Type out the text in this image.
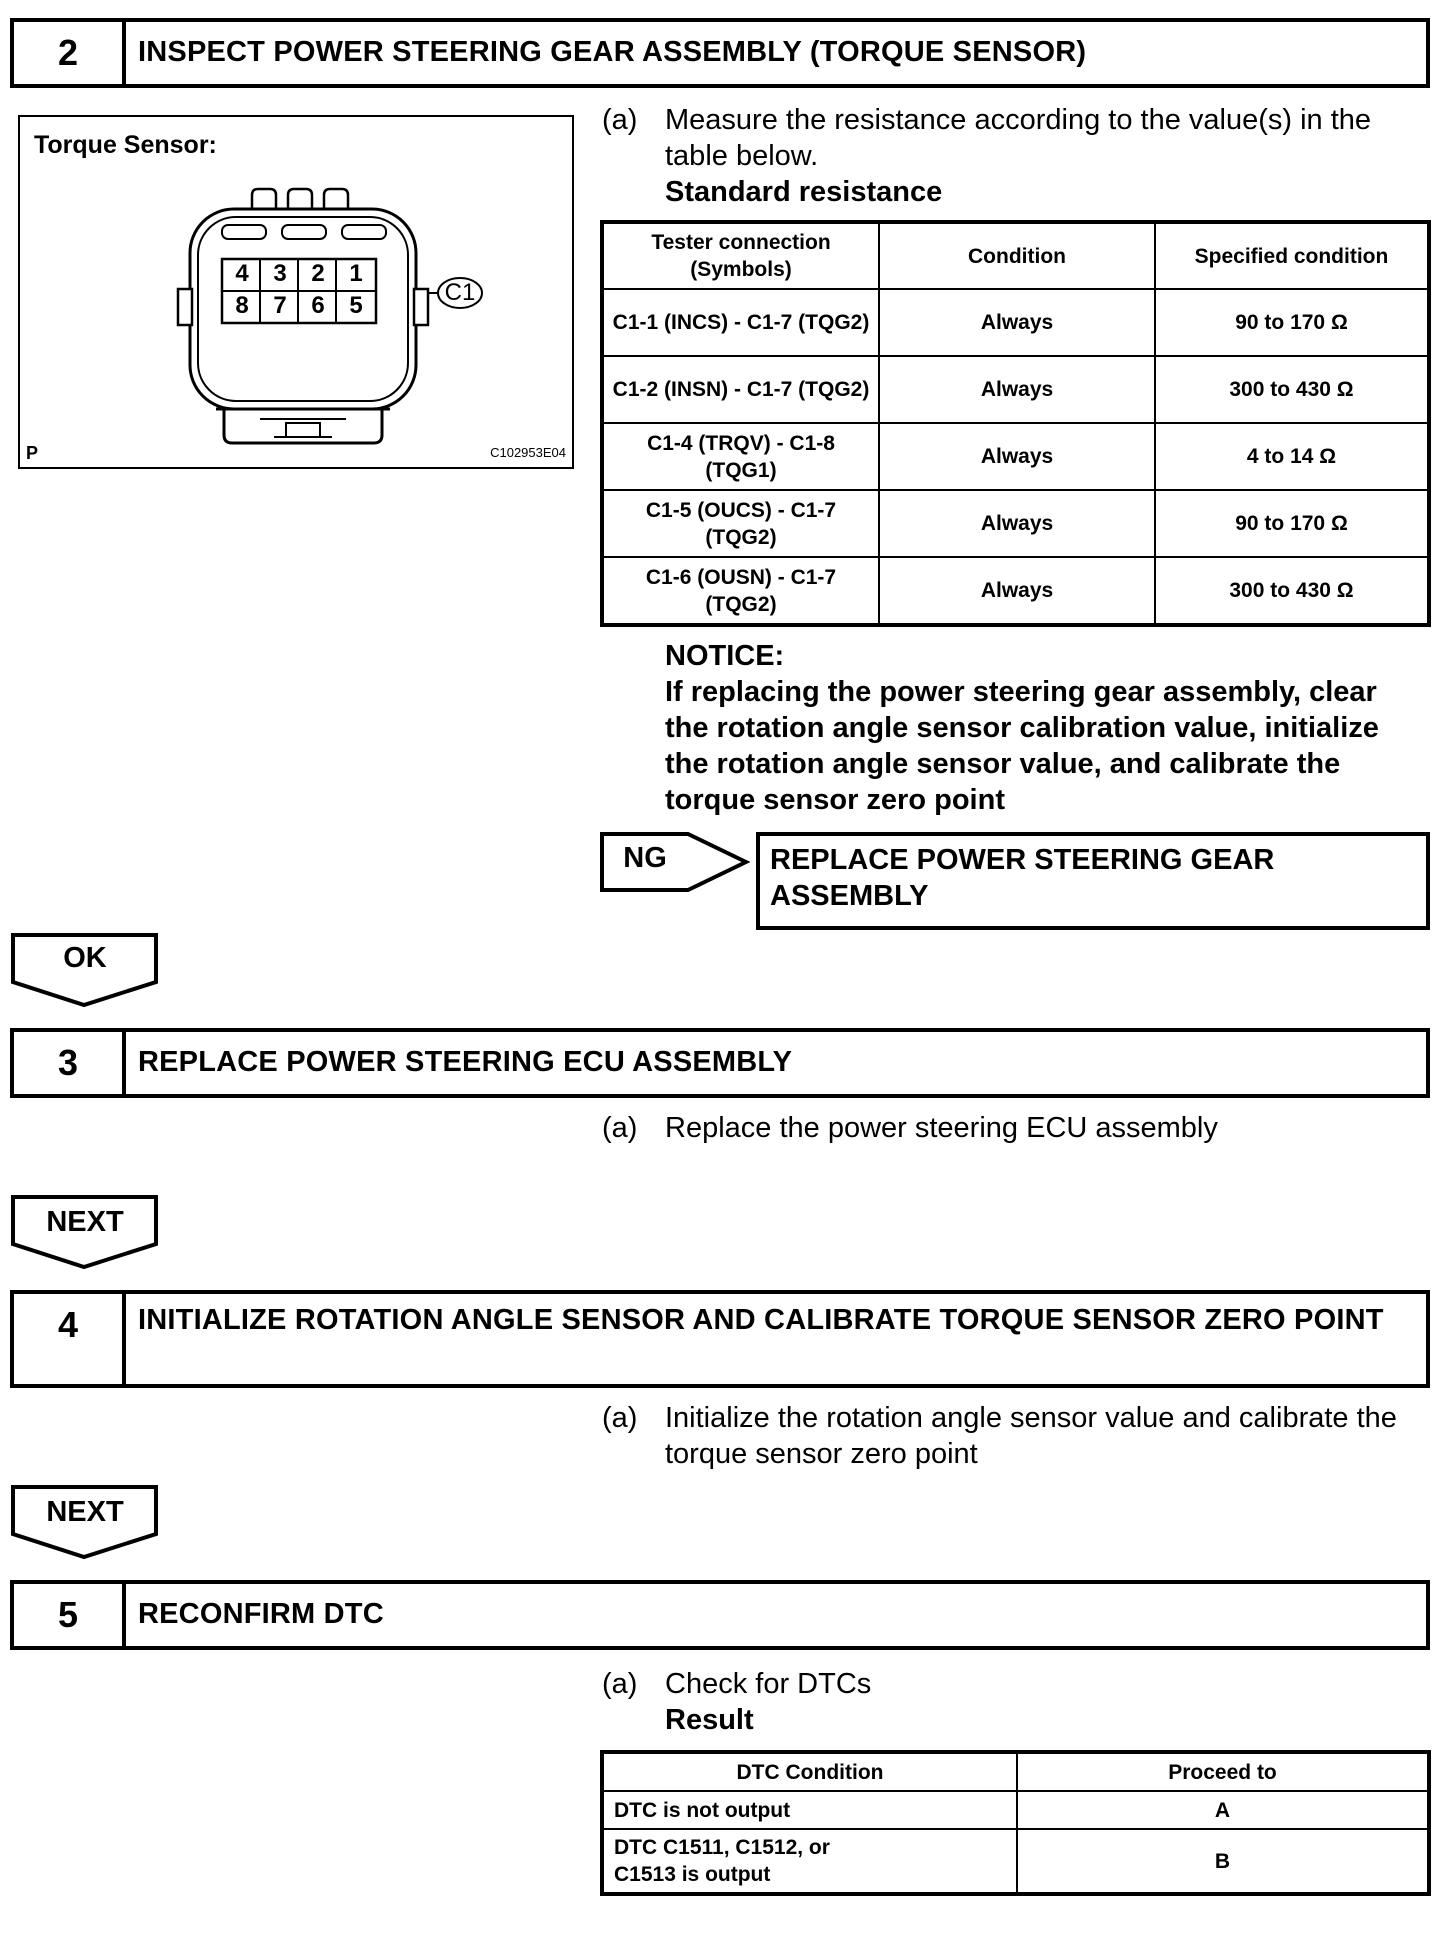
2	INSPECT POWER STEERING GEAR ASSEMBLY (TORQUE SENSOR)
Torque Sensor:
4 3 2 1
8 7 6 5	C1
P	C102953E04
(a) Measure the resistance according to the value(s) in the
table below.
Standard resistance
Tester connection (Symbols)	Condition	Specified condition
C1-1 (INCS) - C1-7 (TQG2)	Always	90 to 170 Ω
C1-2 (INSN) - C1-7 (TQG2)	Always	300 to 430 Ω
C1-4 (TRQV) - C1-8 (TQG1)	Always	4 to 14 Ω
C1-5 (OUCS) - C1-7 (TQG2)	Always	90 to 170 Ω
C1-6 (OUSN) - C1-7 (TQG2)	Always	300 to 430 Ω
NOTICE:
If replacing the power steering gear assembly, clear
the rotation angle sensor calibration value, initialize
the rotation angle sensor value, and calibrate the
torque sensor zero point
NG	REPLACE POWER STEERING GEAR
ASSEMBLY
OK
3	REPLACE POWER STEERING ECU ASSEMBLY
(a) Replace the power steering ECU assembly
NEXT
4	INITIALIZE ROTATION ANGLE SENSOR AND CALIBRATE TORQUE SENSOR ZERO POINT
(a) Initialize the rotation angle sensor value and calibrate the
torque sensor zero point
NEXT
5	RECONFIRM DTC
(a) Check for DTCs
Result
DTC Condition	Proceed to
DTC is not output	A
DTC C1511, C1512, or C1513 is output	B
